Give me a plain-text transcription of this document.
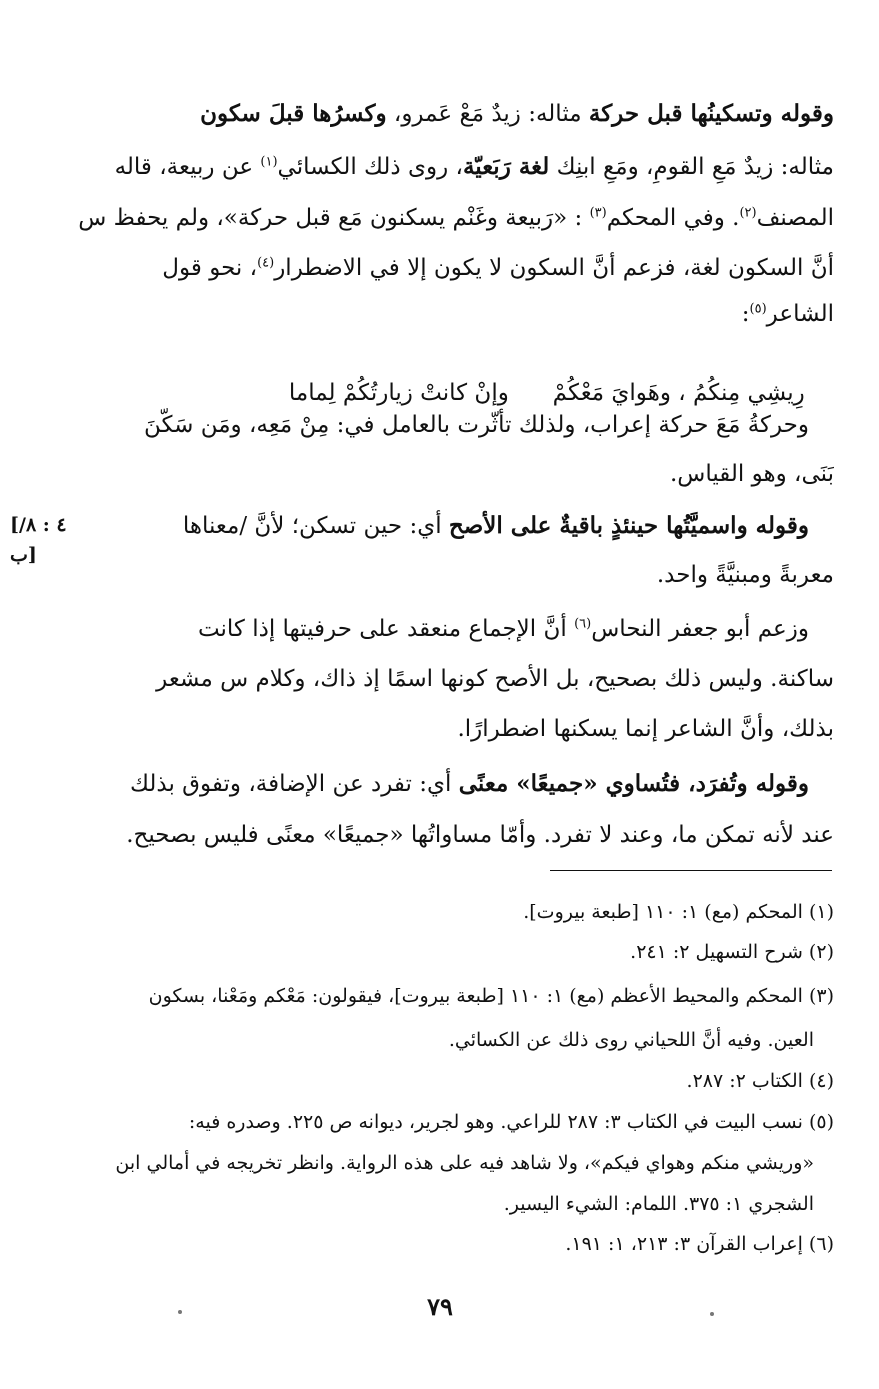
وقوله وتسكينُها قبل حركة مثاله: زيدٌ مَعْ عَمرو، وكسرُها قبلَ سكون
مثاله: زيدٌ مَعِ القومِ، ومَعِ ابنِك لغة رَبَعيّة، روى ذلك الكسائي$^{(١)}$ عن ربيعة، قاله
المصنف$^{(٢)}$. وفي المحكم$^{(٣)}$ : «رَبيعة وغَنْم يسكنون مَع قبل حركة»، ولم يحفظ س
أنَّ السكون لغة، فزعم أنَّ السكون لا يكون إلا في الاضطرار$^{(٤)}$، نحو قول
الشاعر$^{(٥)}$:

رِيشِي مِنكُمُ ، وهَوايَ مَعْكُمْ      وإنْ كانتْ زيارتُكُمْ لِماما

وحركةُ مَعَ حركة إعراب، ولذلك تأثّرت بالعامل في: مِنْ مَعِه، ومَن سَكَّنَ
بَنَى، وهو القياس.
وقوله واسميَّتُها حينئذٍ باقيةٌ على الأصح أي: حين تسكن؛ لأنَّ /معناها
[٤ : ٨/ب]
معربةً ومبنيَّةً واحد.
وزعم أبو جعفر النحاس$^{(٦)}$ أنَّ الإجماع منعقد على حرفيتها إذا كانت
ساكنة. وليس ذلك بصحيح، بل الأصح كونها اسمًا إذ ذاك، وكلام س مشعر
بذلك، وأنَّ الشاعر إنما يسكنها اضطرارًا.
وقوله وتُفرَد، فتُساوي «جميعًا» معنًى أي: تفرد عن الإضافة، وتفوق بذلك
عند لأنه تمكن ما، وعند لا تفرد. وأمّا مساواتُها «جميعًا» معنًى فليس بصحيح.
(١) المحكم (مع) ١: ١١٠ [طبعة بيروت].
(٢) شرح التسهيل ٢: ٢٤١.
(٣) المحكم والمحيط الأعظم (مع) ١: ١١٠ [طبعة بيروت]، فيقولون: مَعْكم ومَعْنا، بسكون
العين. وفيه أنَّ اللحياني روى ذلك عن الكسائي.
(٤) الكتاب ٢: ٢٨٧.
(٥) نسب البيت في الكتاب ٣: ٢٨٧ للراعي. وهو لجرير، ديوانه ص ٢٢٥. وصدره فيه:
«وريشي منكم وهواي فيكم»، ولا شاهد فيه على هذه الرواية. وانظر تخريجه في أمالي ابن
الشجري ١: ٣٧٥. اللمام: الشيء اليسير.
(٦) إعراب القرآن ٣: ٢١٣، ١: ١٩١.
٧٩
